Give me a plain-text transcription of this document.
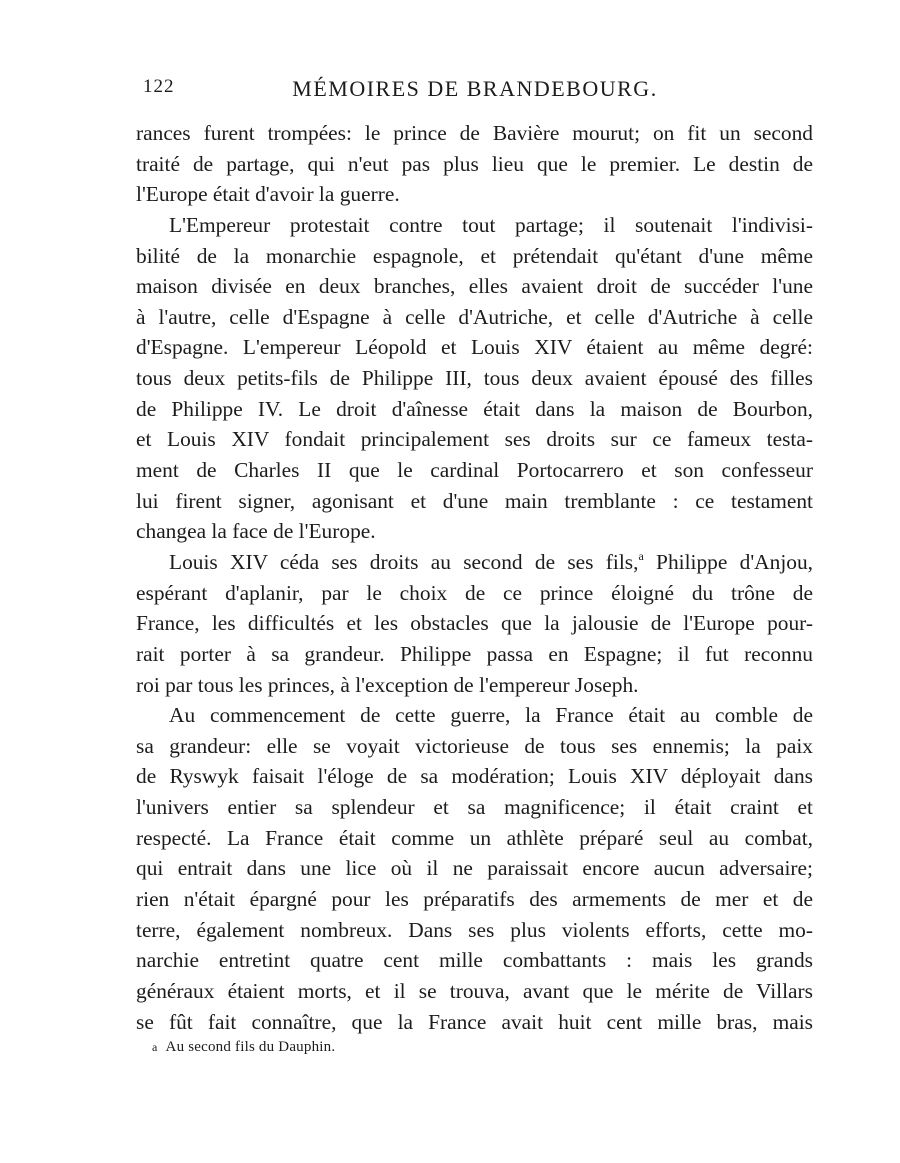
122	MÉMOIRES DE BRANDEBOURG.
rances furent trompées: le prince de Bavière mourut; on fit un second
traité de partage, qui n'eut pas plus lieu que le premier. Le destin de
l'Europe était d'avoir la guerre.
L'Empereur protestait contre tout partage; il soutenait l'indivisi-
bilité de la monarchie espagnole, et prétendait qu'étant d'une même
maison divisée en deux branches, elles avaient droit de succéder l'une
à l'autre, celle d'Espagne à celle d'Autriche, et celle d'Autriche à celle
d'Espagne. L'empereur Léopold et Louis XIV étaient au même degré:
tous deux petits-fils de Philippe III, tous deux avaient épousé des filles
de Philippe IV. Le droit d'aînesse était dans la maison de Bourbon,
et Louis XIV fondait principalement ses droits sur ce fameux testa-
ment de Charles II que le cardinal Portocarrero et son confesseur
lui firent signer, agonisant et d'une main tremblante : ce testament
changea la face de l'Europe.
Louis XIV céda ses droits au second de ses fils,$^a$ Philippe d'Anjou,
espérant d'aplanir, par le choix de ce prince éloigné du trône de
France, les difficultés et les obstacles que la jalousie de l'Europe pour-
rait porter à sa grandeur. Philippe passa en Espagne; il fut reconnu
roi par tous les princes, à l'exception de l'empereur Joseph.
Au commencement de cette guerre, la France était au comble de
sa grandeur: elle se voyait victorieuse de tous ses ennemis; la paix
de Ryswyk faisait l'éloge de sa modération; Louis XIV déployait dans
l'univers entier sa splendeur et sa magnificence; il était craint et
respecté. La France était comme un athlète préparé seul au combat,
qui entrait dans une lice où il ne paraissait encore aucun adversaire;
rien n'était épargné pour les préparatifs des armements de mer et de
terre, également nombreux. Dans ses plus violents efforts, cette mo-
narchie entretint quatre cent mille combattants : mais les grands
généraux étaient morts, et il se trouva, avant que le mérite de Villars
se fût fait connaître, que la France avait huit cent mille bras, mais
a Au second fils du Dauphin.
